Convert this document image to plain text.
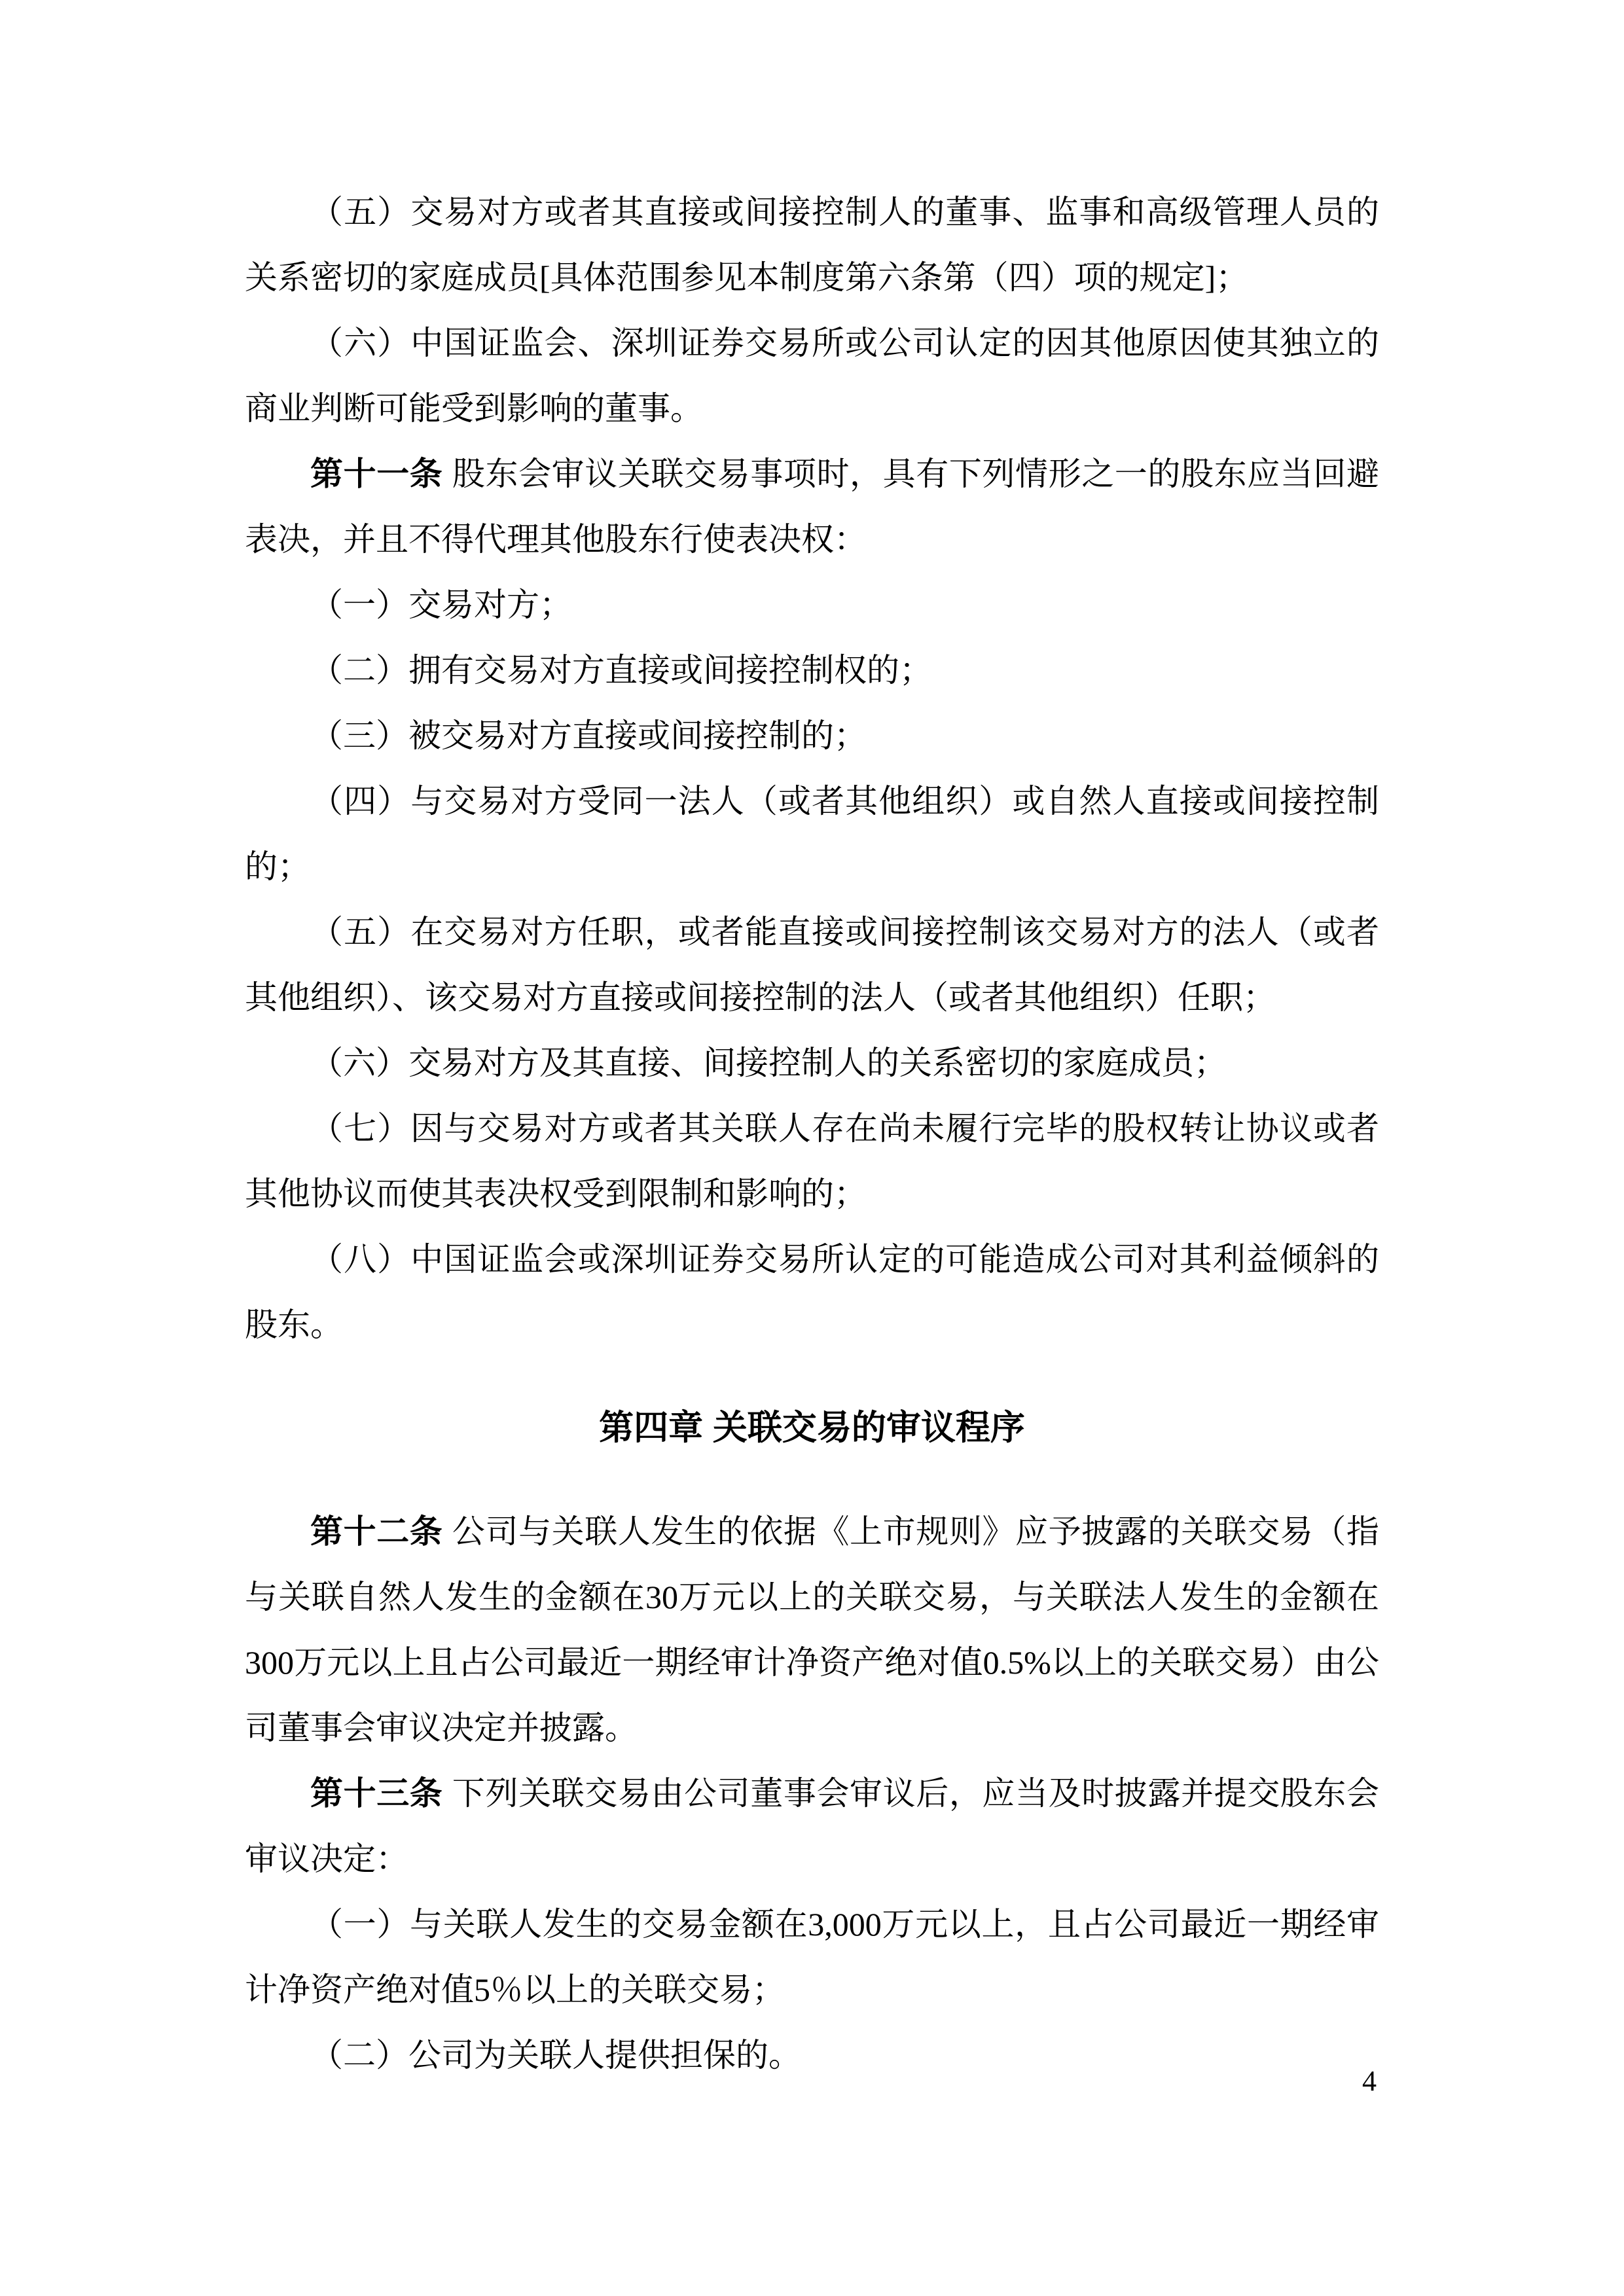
（五）交易对方或者其直接或间接控制人的董事、监事和高级管理人员的
关系密切的家庭成员[具体范围参见本制度第六条第（四）项的规定]；
（六）中国证监会、深圳证券交易所或公司认定的因其他原因使其独立的
商业判断可能受到影响的董事。
第十一条 股东会审议关联交易事项时，具有下列情形之一的股东应当回避
表决，并且不得代理其他股东行使表决权：
（一）交易对方；
（二）拥有交易对方直接或间接控制权的；
（三）被交易对方直接或间接控制的；
（四）与交易对方受同一法人（或者其他组织）或自然人直接或间接控制
的；
（五）在交易对方任职，或者能直接或间接控制该交易对方的法人（或者
其他组织）、该交易对方直接或间接控制的法人（或者其他组织）任职；
（六）交易对方及其直接、间接控制人的关系密切的家庭成员；
（七）因与交易对方或者其关联人存在尚未履行完毕的股权转让协议或者
其他协议而使其表决权受到限制和影响的；
（八）中国证监会或深圳证券交易所认定的可能造成公司对其利益倾斜的
股东。
第四章 关联交易的审议程序
第十二条 公司与关联人发生的依据《上市规则》应予披露的关联交易（指
与关联自然人发生的金额在30万元以上的关联交易，与关联法人发生的金额在
300万元以上且占公司最近一期经审计净资产绝对值0.5%以上的关联交易）由公
司董事会审议决定并披露。
第十三条 下列关联交易由公司董事会审议后，应当及时披露并提交股东会
审议决定：
（一）与关联人发生的交易金额在3,000万元以上，且占公司最近一期经审
计净资产绝对值5％以上的关联交易；
（二）公司为关联人提供担保的。
4
